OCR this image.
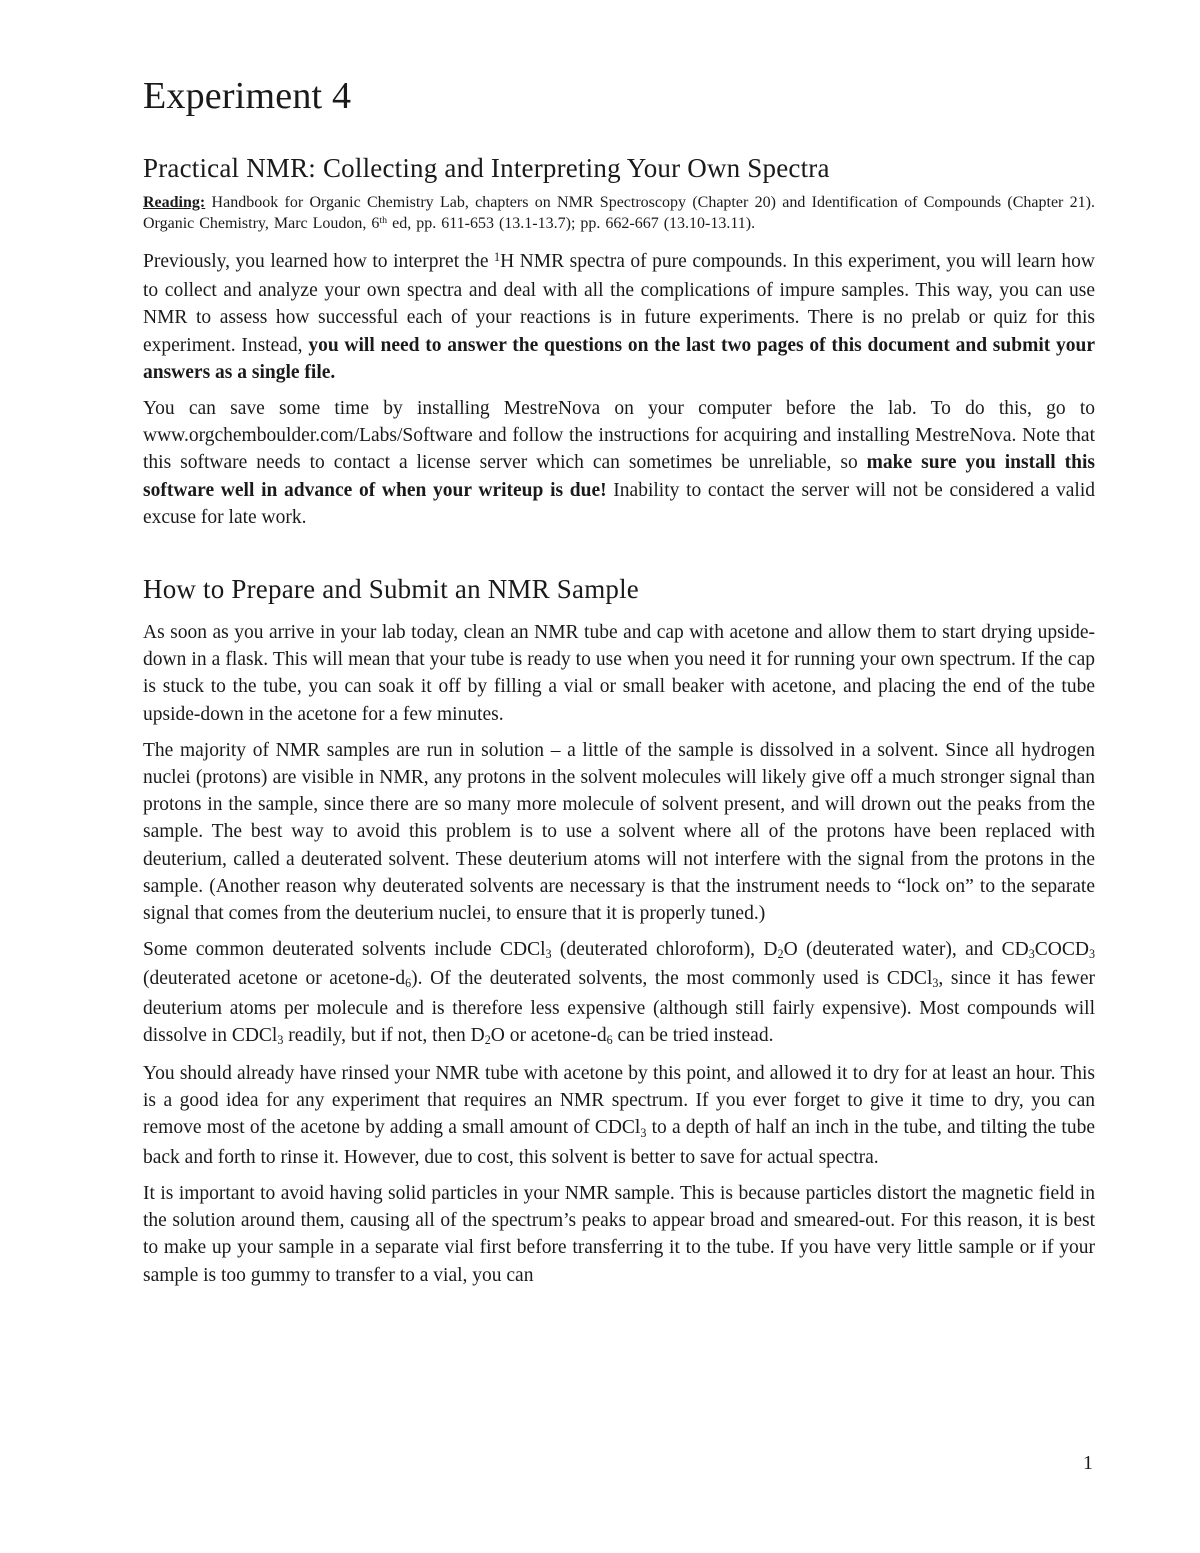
Experiment 4
Practical NMR: Collecting and Interpreting Your Own Spectra

Reading: Handbook for Organic Chemistry Lab, chapters on NMR Spectroscopy (Chapter 20) and Identification of Compounds (Chapter 21). Organic Chemistry, Marc Loudon, 6th ed, pp. 611-653 (13.1-13.7); pp. 662-667 (13.10-13.11).

Previously, you learned how to interpret the $^1$H NMR spectra of pure compounds. In this experiment, you will learn how to collect and analyze your own spectra and deal with all the complications of impure samples. This way, you can use NMR to assess how successful each of your reactions is in future experiments. There is no prelab or quiz for this experiment. Instead, you will need to answer the questions on the last two pages of this document and submit your answers as a single file.

You can save some time by installing MestreNova on your computer before the lab. To do this, go to www.orgchemboulder.com/Labs/Software and follow the instructions for acquiring and installing MestreNova. Note that this software needs to contact a license server which can sometimes be unreliable, so make sure you install this software well in advance of when your writeup is due! Inability to contact the server will not be considered a valid excuse for late work.

How to Prepare and Submit an NMR Sample

As soon as you arrive in your lab today, clean an NMR tube and cap with acetone and allow them to start drying upside-down in a flask. This will mean that your tube is ready to use when you need it for running your own spectrum. If the cap is stuck to the tube, you can soak it off by filling a vial or small beaker with acetone, and placing the end of the tube upside-down in the acetone for a few minutes.

The majority of NMR samples are run in solution – a little of the sample is dissolved in a solvent. Since all hydrogen nuclei (protons) are visible in NMR, any protons in the solvent molecules will likely give off a much stronger signal than protons in the sample, since there are so many more molecule of solvent present, and will drown out the peaks from the sample. The best way to avoid this problem is to use a solvent where all of the protons have been replaced with deuterium, called a deuterated solvent. These deuterium atoms will not interfere with the signal from the protons in the sample. (Another reason why deuterated solvents are necessary is that the instrument needs to “lock on” to the separate signal that comes from the deuterium nuclei, to ensure that it is properly tuned.)

Some common deuterated solvents include CDCl$_3$ (deuterated chloroform), $D_2O$ (deuterated water), and $CD_3COCD_3$ (deuterated acetone or acetone-$d_6$). Of the deuterated solvents, the most commonly used is CDCl$_3$, since it has fewer deuterium atoms per molecule and is therefore less expensive (although still fairly expensive). Most compounds will dissolve in CDCl$_3$ readily, but if not, then $D_2O$ or acetone-$d_6$ can be tried instead.

You should already have rinsed your NMR tube with acetone by this point, and allowed it to dry for at least an hour. This is a good idea for any experiment that requires an NMR spectrum. If you ever forget to give it time to dry, you can remove most of the acetone by adding a small amount of CDCl$_3$ to a depth of half an inch in the tube, and tilting the tube back and forth to rinse it. However, due to cost, this solvent is better to save for actual spectra.

It is important to avoid having solid particles in your NMR sample. This is because particles distort the magnetic field in the solution around them, causing all of the spectrum’s peaks to appear broad and smeared-out. For this reason, it is best to make up your sample in a separate vial first before transferring it to the tube. If you have very little sample or if your sample is too gummy to transfer to a vial, you can

1
